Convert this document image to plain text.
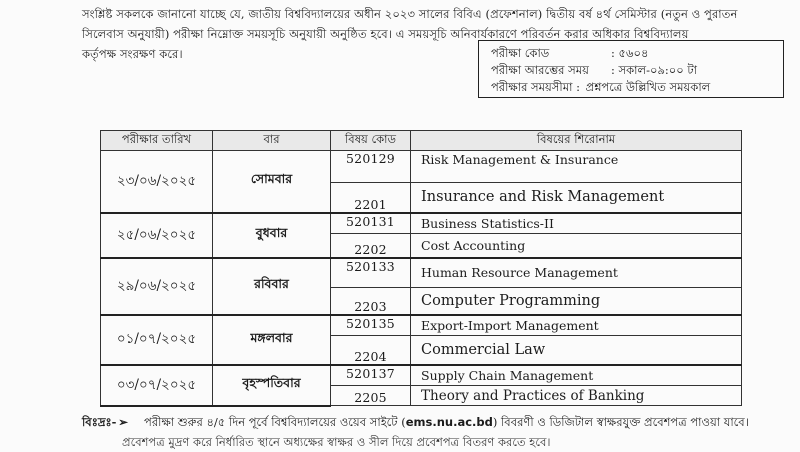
সংশ্লিষ্ট সকলকে জানানো যাচ্ছে যে, জাতীয় বিশ্ববিদ্যালয়ের অধীন ২০২৩ সালের বিবিএ (প্রফেশনাল) দ্বিতীয় বর্ষ ৪র্থ সেমিস্টার (নতুন ও পুরাতন
সিলেবাস অনুযায়ী) পরীক্ষা নিম্নোক্ত সময়সূচি অনুযায়ী অনুষ্ঠিত হবে। এ সময়সূচি অনিবার্যকারণে পরিবর্তন করার অধিকার বিশ্ববিদ্যালয়
কর্তৃপক্ষ সংরক্ষণ করে।	পরীক্ষা কোড	: ৫৬০৪
পরীক্ষা আরম্ভের সময় : সকাল-০৯:০০ টা
পরীক্ষার সময়সীমা : প্রশ্নপত্রে উল্লিখিত সময়কাল
পরীক্ষার তারিখ	বার	বিষয় কোড	বিষয়ের শিরোনাম
২৩/০৬/২০২৫	সোমবার	520129	Risk Management & Insurance
		2201	Insurance and Risk Management
২৫/০৬/২০২৫	বুধবার	520131	Business Statistics-II
		2202	Cost Accounting
২৯/০৬/২০২৫	রবিবার	520133	Human Resource Management
		2203	Computer Programming
০১/০৭/২০২৫	মঙ্গলবার	520135	Export-Import Management
		2204	Commercial Law
০৩/০৭/২০২৫	বৃহস্পতিবার	520137	Supply Chain Management
		2205	Theory and Practices of Banking
বিঃদ্রঃ- ➢ পরীক্ষা শুরুর ৪/৫ দিন পূর্বে বিশ্ববিদ্যালয়ের ওয়েব সাইটে (ems.nu.ac.bd) বিবরণী ও ডিজিটাল স্বাক্ষরযুক্ত প্রবেশপত্র পাওয়া যাবে।
প্রবেশপত্র মুদ্রণ করে নির্ধারিত স্থানে অধ্যক্ষের স্বাক্ষর ও সীল দিয়ে প্রবেশপত্র বিতরণ করতে হবে।
